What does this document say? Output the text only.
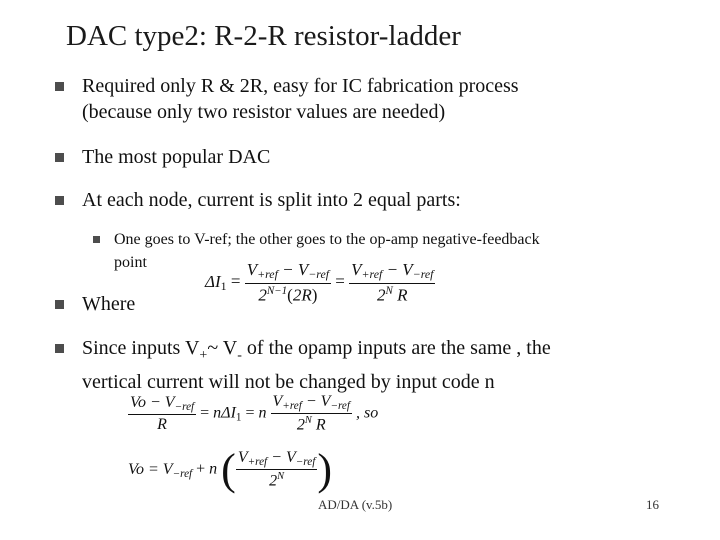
DAC type2: R-2-R resistor-ladder
Required only R & 2R, easy for IC fabrication process
(because only two resistor values are needed)
The most popular DAC
At each node, current is split into 2 equal parts:
One goes to V-ref; the other goes to the op-amp negative-feedback
point
$\Delta I_1 = \frac{V_{+ref} - V_{-ref}}{2^{N-1}(2R)} = \frac{V_{+ref} - V_{-ref}}{2^N R}$
Where
Since inputs $V_+\sim$ $V_-$ of the opamp inputs are the same , the
vertical current will not be changed by input code n
$\frac{Vo - V_{-ref}}{R} = n\Delta I_1 = n \frac{V_{+ref} - V_{-ref}}{2^N R}$ , so
$Vo = V_{-ref} + n$ ( $\frac{V_{+ref} - V_{-ref}}{2^N}$ )
AD/DA (v.5b)	16
